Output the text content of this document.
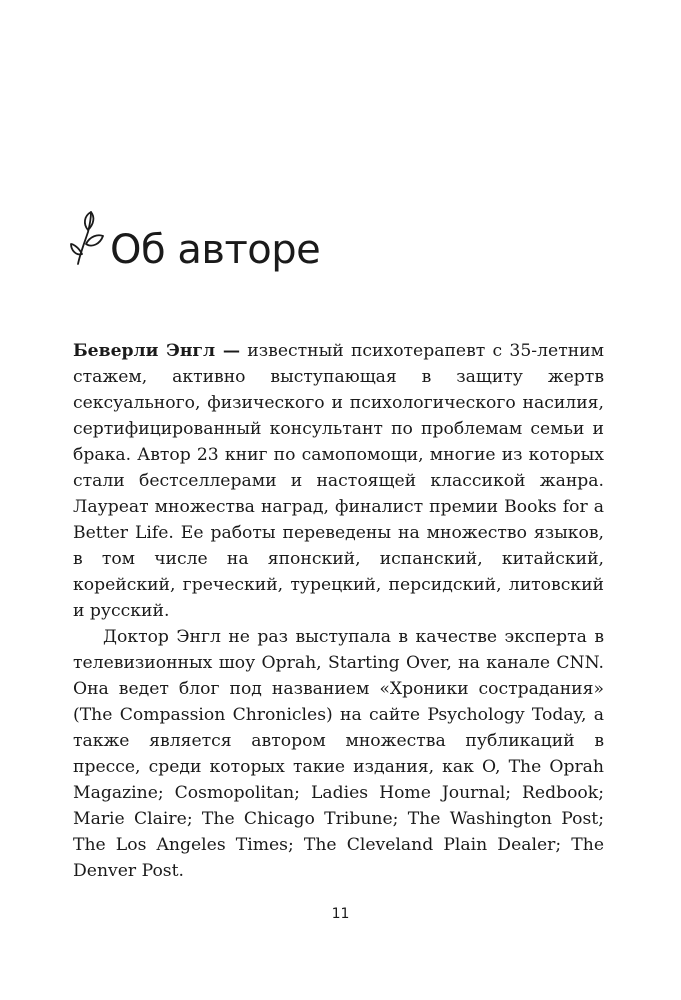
Об авторе

Беверли Энгл — известный психотерапевт с 35-летним стажем, активно выступающая в защиту жертв сексуального, физического и психологического насилия, сертифицированный консультант по проблемам семьи и брака. Автор 23 книг по самопомощи, многие из которых стали бестселлерами и настоящей классикой жанра. Лауреат множества наград, финалист премии Books for a Better Life. Ее работы переведены на множество языков, в том числе на японский, испанский, китайский, корейский, греческий, турецкий, персидский, литовский и русский.

Доктор Энгл не раз выступала в качестве эксперта в телевизионных шоу Oprah, Starting Over, на канале CNN. Она ведет блог под названием «Хроники сострадания» (The Compassion Chronicles) на сайте Psychology Today, а также является автором множества публикаций в прессе, среди которых такие издания, как O, The Oprah Magazine; Cosmopolitan; Ladies Home Journal; Redbook; Marie Claire; The Chicago Tribune; The Washington Post; The Los Angeles Times; The Cleveland Plain Dealer; The Denver Post.

11
